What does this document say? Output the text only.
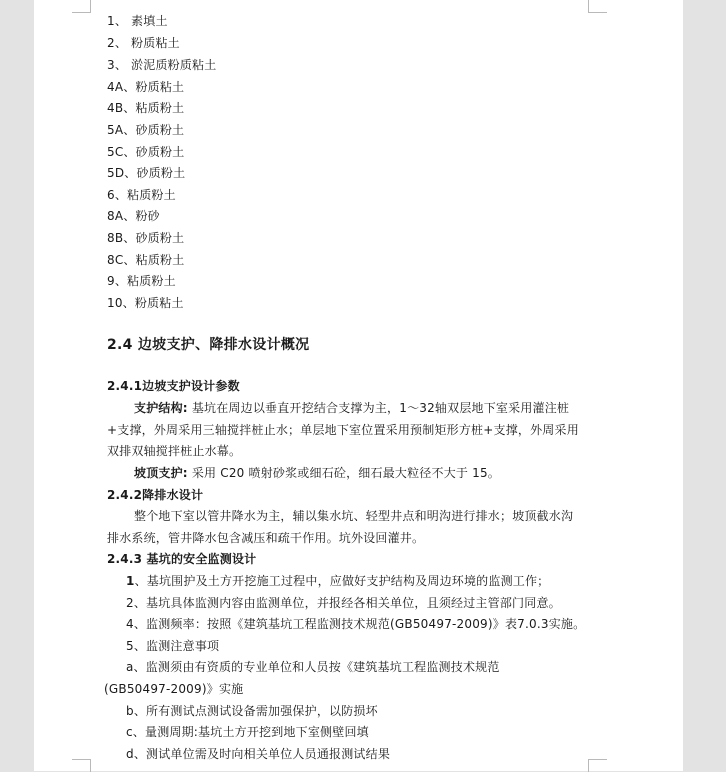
1、 素填土
2、 粉质粘土
3、 淤泥质粉质粘土
4A、粉质粘土
4B、粘质粉土
5A、砂质粉土
5C、砂质粉土
5D、砂质粉土
6、粘质粉土
8A、粉砂
8B、砂质粉土
8C、粘质粉土
9、粘质粉土
10、粉质粘土
2.4 边坡支护、降排水设计概况
2.4.1边坡支护设计参数
支护结构: 基坑在周边以垂直开挖结合支撑为主，1～32轴双层地下室采用灌注桩
+支撑，外周采用三轴搅拌桩止水；单层地下室位置采用预制矩形方桩+支撑，外周采用
双排双轴搅拌桩止水幕。
坡顶支护: 采用 C20 喷射砂浆或细石砼，细石最大粒径不大于 15。
2.4.2降排水设计
整个地下室以管井降水为主，辅以集水坑、轻型井点和明沟进行排水；坡顶截水沟
排水系统，管井降水包含减压和疏干作用。坑外设回灌井。
2.4.3 基坑的安全监测设计
1、基坑围护及土方开挖施工过程中，应做好支护结构及周边环境的监测工作；
2、基坑具体监测内容由监测单位，并报经各相关单位，且须经过主管部门同意。
4、监测频率：按照《建筑基坑工程监测技术规范(GB50497-2009)》表7.0.3实施。
5、监测注意事项
a、监测须由有资质的专业单位和人员按《建筑基坑工程监测技术规范
(GB50497-2009)》实施
b、所有测试点测试设备需加强保护，以防损坏
c、量测周期:基坑土方开挖到地下室侧壁回填
d、测试单位需及时向相关单位人员通报测试结果
